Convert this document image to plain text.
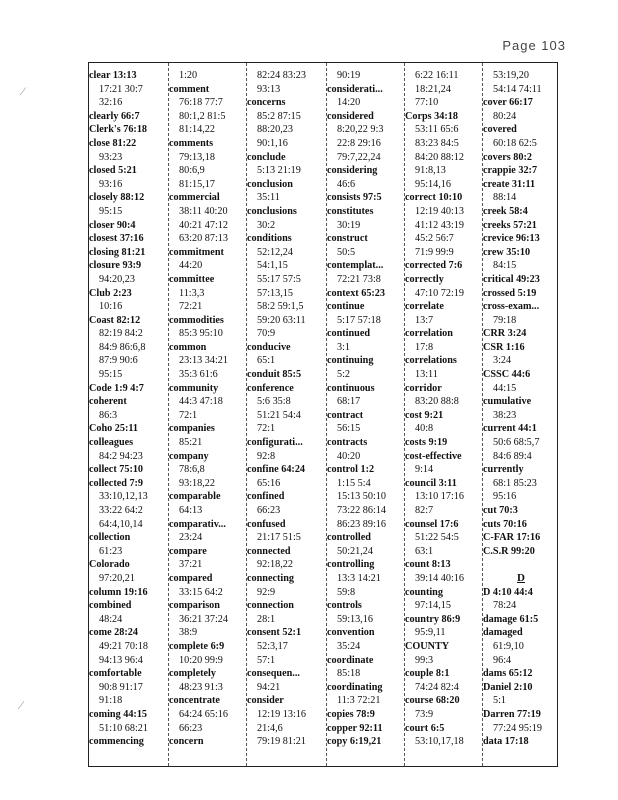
Page 103
clear 13:13
17:21 30:7
32:16
clearly 66:7
Clerk's 76:18
close 81:22
93:23
closed 5:21
93:16
closely 88:12
95:15
closer 90:4
closest 37:16
closing 81:21
closure 93:9
94:20,23
Club 2:23
10:16
Coast 82:12
82:19 84:2
84:9 86:6,8
87:9 90:6
95:15
Code 1:9 4:7
coherent
86:3
Coho 25:11
colleagues
84:2 94:23
collect 75:10
collected 7:9
33:10,12,13
33:22 64:2
64:4,10,14
collection
61:23
Colorado
97:20,21
column 19:16
combined
48:24
come 28:24
49:21 70:18
94:13 96:4
comfortable
90:8 91:17
91:18
coming 44:15
51:10 68:21
commencing
1:20
comment
76:18 77:7
80:1,2 81:5
81:14,22
comments
79:13,18
80:6,9
81:15,17
commercial
38:11 40:20
40:21 47:12
63:20 87:13
commitment
44:20
committee
11:3,3
72:21
commodities
85:3 95:10
common
23:13 34:21
35:3 61:6
community
44:3 47:18
72:1
companies
85:21
company
78:6,8
93:18,22
comparable
64:13
comparativ...
23:24
compare
37:21
compared
33:15 64:2
comparison
36:21 37:24
38:9
complete 6:9
10:20 99:9
completely
48:23 91:3
concentrate
64:24 65:16
66:23
concern
82:24 83:23
93:13
concerns
85:2 87:15
88:20,23
90:1,16
conclude
5:13 21:19
conclusion
35:11
conclusions
30:2
conditions
52:12,24
54:1,15
55:17 57:5
57:13,15
58:2 59:1,5
59:20 63:11
70:9
conducive
65:1
conduit 85:5
conference
5:6 35:8
51:21 54:4
72:1
configurati...
92:8
confine 64:24
65:16
confined
66:23
confused
21:17 51:5
connected
92:18,22
connecting
92:9
connection
28:1
consent 52:1
52:3,17
57:1
consequen...
94:21
consider
12:19 13:16
21:4,6
79:19 81:21
90:19
considerati...
14:20
considered
8:20,22 9:3
22:8 29:16
79:7,22,24
considering
46:6
consists 97:5
constitutes
30:19
construct
50:5
contemplat...
72:21 73:8
context 65:23
continue
5:17 57:18
continued
3:1
continuing
5:2
continuous
68:17
contract
56:15
contracts
40:20
control 1:2
1:15 5:4
15:13 50:10
73:22 86:14
86:23 89:16
controlled
50:21,24
controlling
13:3 14:21
59:8
controls
59:13,16
convention
35:24
coordinate
85:18
coordinating
11:3 72:21
copies 78:9
copper 92:11
copy 6:19,21
6:22 16:11
18:21,24
77:10
Corps 34:18
53:11 65:6
83:23 84:5
84:20 88:12
91:8,13
95:14,16
correct 10:10
12:19 40:13
41:12 43:19
45:2 56:7
71:9 99:9
corrected 7:6
correctly
47:10 72:19
correlate
13:7
correlation
17:8
correlations
13:11
corridor
83:20 88:8
cost 9:21
40:8
costs 9:19
cost-effective
9:14
council 3:11
13:10 17:16
82:7
counsel 17:6
51:22 54:5
63:1
count 8:13
39:14 40:16
counting
97:14,15
country 86:9
95:9,11
COUNTY
99:3
couple 8:1
74:24 82:4
course 68:20
73:9
court 6:5
53:10,17,18
53:19,20
54:14 74:11
cover 66:17
80:24
covered
60:18 62:5
covers 80:2
crappie 32:7
create 31:11
88:14
creek 58:4
creeks 57:21
crevice 96:13
crew 35:10
84:15
critical 49:23
crossed 5:19
cross-exam...
79:18
CRR 3:24
CSR 1:16
3:24
CSSC 44:6
44:15
cumulative
38:23
current 44:1
50:6 68:5,7
84:6 89:4
currently
68:1 85:23
95:16
cut 70:3
cuts 70:16
C-FAR 17:16
C.S.R 99:20

D
D 4:10 44:4
78:24
damage 61:5
damaged
61:9,10
96:4
dams 65:12
Daniel 2:10
5:1
Darren 77:19
77:24 95:19
data 17:18
⁄
⁄
